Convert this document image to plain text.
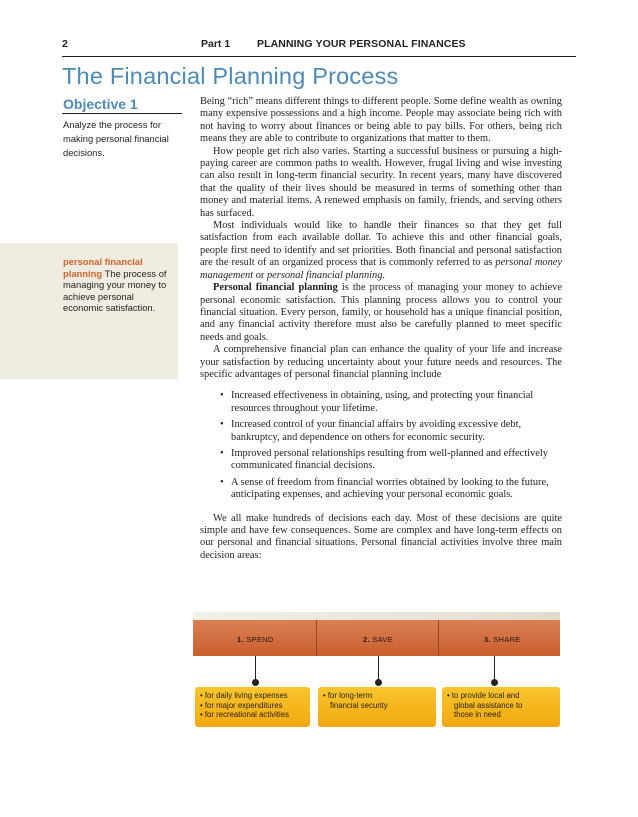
2	Part 1	PLANNING YOUR PERSONAL FINANCES
The Financial Planning Process
Objective 1
Analyze the process for making personal financial decisions.
personal financial planning The process of managing your money to achieve personal economic satisfaction.

Being “rich” means different things to different people. Some define wealth as owning many expensive possessions and a high income. People may associate being rich with not having to worry about finances or being able to pay bills. For others, being rich means they are able to contribute to organizations that matter to them.

How people get rich also varies. Starting a successful business or pursuing a high-paying career are common paths to wealth. However, frugal living and wise investing can also result in long-term financial security. In recent years, many have discovered that the quality of their lives should be measured in terms of something other than money and material items. A renewed emphasis on family, friends, and serving others has surfaced.

Most individuals would like to handle their finances so that they get full satisfaction from each available dollar. To achieve this and other financial goals, people first need to identify and set priorities. Both financial and personal satisfaction are the result of an organized process that is commonly referred to as personal money management or personal financial planning.

Personal financial planning is the process of managing your money to achieve personal economic satisfaction. This planning process allows you to control your financial situation. Every person, family, or household has a unique financial position, and any financial activity therefore must also be carefully planned to meet specific needs and goals.

A comprehensive financial plan can enhance the quality of your life and increase your satisfaction by reducing uncertainty about your future needs and resources. The specific advantages of personal financial planning include

• Increased effectiveness in obtaining, using, and protecting your financial resources throughout your lifetime.
• Increased control of your financial affairs by avoiding excessive debt, bankruptcy, and dependence on others for economic security.
• Improved personal relationships resulting from well-planned and effectively communicated financial decisions.
• A sense of freedom from financial worries obtained by looking to the future, anticipating expenses, and achieving your personal economic goals.

We all make hundreds of decisions each day. Most of these decisions are quite simple and have few consequences. Some are complex and have long-term effects on our personal and financial situations. Personal financial activities involve three main decision areas:

1. SPEND	2. SAVE	3. SHARE
• for daily living expenses
• for major expenditures
• for recreational activities
• for long-term
financial security
• to provide local and
global assistance to
those in need
